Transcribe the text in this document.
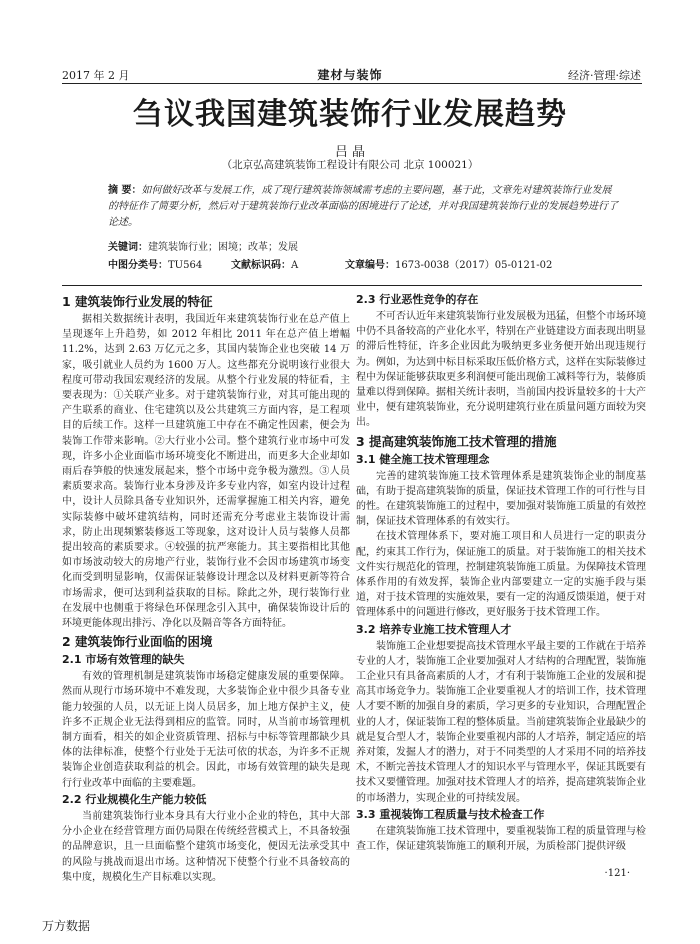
2017 年 2 月	建材与装饰	经济·管理·综述
刍议我国建筑装饰行业发展趋势
吕 晶
（北京弘高建筑装饰工程设计有限公司 北京 100021）
摘 要：如何做好改革与发展工作，成了现行建筑装饰领域需考虑的主要问题，基于此，文章先对建筑装饰行业发展的特征作了简要分析，然后对于建筑装饰行业改革面临的困境进行了论述，并对我国建筑装饰行业的发展趋势进行了论述。
关键词：建筑装饰行业；困境；改革；发展
中图分类号：TU564	文献标识码：A	文章编号：1673-0038（2017）05-0121-02
1 建筑装饰行业发展的特征

据相关数据统计表明，我国近年来建筑装饰行业在总产值上呈现逐年上升趋势，如 2012 年相比 2011 年在总产值上增幅11.2%，达到 2.63 万亿元之多，其国内装饰企业也突破 14 万家，吸引就业人员约为 1600 万人。这些都充分说明该行业很大程度可带动我国宏观经济的发展。从整个行业发展的特征看，主要表现为：①关联产业多。对于建筑装饰行业，对其可能出现的产生联系的商业、住宅建筑以及公共建筑三方面内容，是工程项目的后续工作。这样一旦建筑施工中存在不确定性因素，便会为装饰工作带来影响。②大行业小公司。整个建筑行业市场中可发现，许多小企业面临市场环境变化不断进出，而更多大企业却如雨后春笋般的快速发展起来，整个市场中竞争极为激烈。③人员素质要求高。装饰行业本身涉及许多专业内容，如室内设计过程中，设计人员除具备专业知识外，还需掌握施工相关内容，避免实际装修中破坏建筑结构，同时还需充分考虑业主装饰设计需求，防止出现频繁装修返工等现象，这对设计人员与装修人员都提出较高的素质要求。④较强的抗严寒能力。其主要指相比其他如市场波动较大的房地产行业，装饰行业不会因市场建筑市场变化而受到明显影响，仅需保证装修设计理念以及材料更新等符合市场需求，便可达到利益获取的目标。除此之外，现行装饰行业在发展中也侧重于将绿色环保理念引入其中，确保装饰设计后的环境更能体现出排污、净化以及隔音等各方面特征。

2 建筑装饰行业面临的困境
2.1 市场有效管理的缺失

有效的管理机制是建筑装饰市场稳定健康发展的重要保障。然而从现行市场环境中不难发现，大多装饰企业中很少具备专业能力较强的人员，以无证上岗人员居多，加上地方保护主义，使许多不正规企业无法得到相应的监管。同时，从当前市场管理机制方面看，相关的如企业资质管理、招标与中标等管理都缺少具体的法律标准，使整个行业处于无法可依的状态，为许多不正规装饰企业创造获取利益的机会。因此，市场有效管理的缺失是现行行业改革中面临的主要难题。

2.2 行业规模化生产能力较低

当前建筑装饰行业本身具有大行业小企业的特色，其中大部分小企业在经营管理方面仍局限在传统经营模式上，不具备较强的品牌意识，且一旦面临整个建筑市场变化，便因无法承受其中的风险与挑战而退出市场。这种情况下使整个行业不具备较高的集中度，规模化生产目标难以实现。

2.3 行业恶性竞争的存在

不可否认近年来建筑装饰行业发展极为迅猛，但整个市场环境中仍不具备较高的产业化水平，特别在产业链建设方面表现出明显的滞后性特征，许多企业因此为吸纳更多业务便开始出现违规行为。例如，为达到中标目标采取压低价格方式，这样在实际装修过程中为保证能够获取更多利润便可能出现偷工减料等行为，装修质量难以得到保障。据相关统计表明，当前国内投诉量较多的十大产业中，便有建筑装饰业，充分说明建筑行业在质量问题方面较为突出。

3 提高建筑装饰施工技术管理的措施
3.1 健全施工技术管理理念

完善的建筑装饰施工技术管理体系是建筑装饰企业的制度基础，有助于提高建筑装饰的质量，保证技术管理工作的可行性与目的性。在建筑装饰施工的过程中，要加强对装饰施工质量的有效控制，保证技术管理体系的有效实行。

在技术管理体系下，要对施工项目和人员进行一定的职责分配，约束其工作行为，保证施工的质量。对于装饰施工的相关技术文件实行规范化的管理，控制建筑装饰施工质量。为保障技术管理体系作用的有效发挥，装饰企业内部要建立一定的实施手段与渠道，对于技术管理的实施效果，要有一定的沟通反馈渠道，便于对管理体系中的问题进行修改，更好服务于技术管理工作。

3.2 培养专业施工技术管理人才

装饰施工企业想要提高技术管理水平最主要的工作就在于培养专业的人才，装饰施工企业要加强对人才结构的合理配置，装饰施工企业只有具备高素质的人才，才有利于装饰施工企业的发展和提高其市场竞争力。装饰施工企业要重视人才的培训工作，技术管理人才要不断的加强自身的素质，学习更多的专业知识，合理配置企业的人才，保证装饰工程的整体质量。当前建筑装饰企业最缺少的就是复合型人才，装饰企业要重视内部的人才培养，制定适应的培养对策，发掘人才的潜力，对于不同类型的人才采用不同的培养技术，不断完善技术管理人才的知识水平与管理水平，保证其既要有技术又要懂管理。加强对技术管理人才的培养，提高建筑装饰企业的市场潜力，实现企业的可持续发展。

3.3 重视装饰工程质量与技术检查工作

在建筑装饰施工技术管理中，要重视装饰工程的质量管理与检查工作，保证建筑装饰施工的顺利开展，为质检部门提供评级

·121·
万方数据
